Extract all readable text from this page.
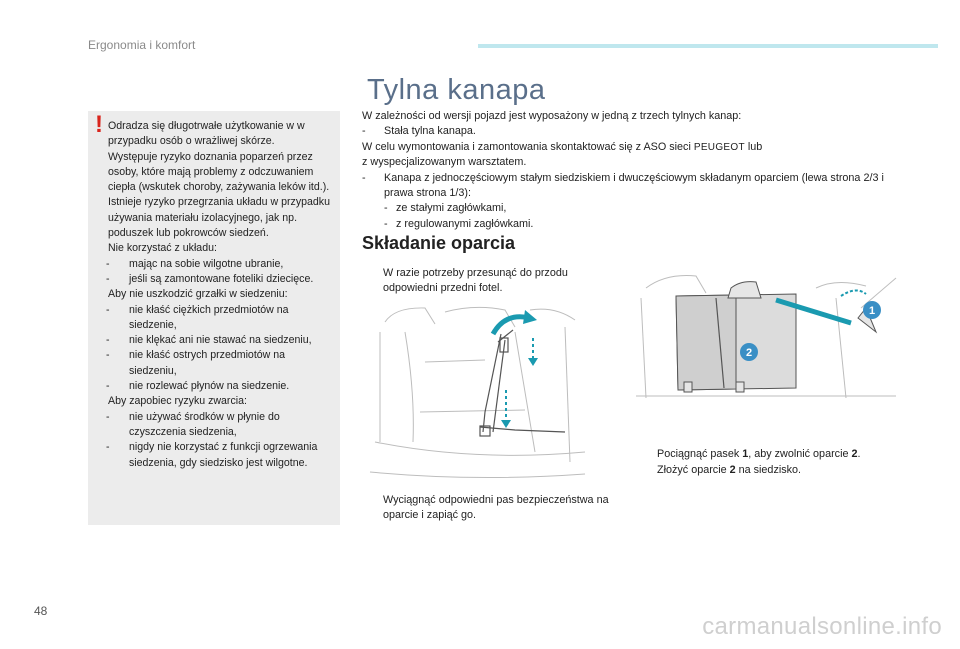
Ergonomia i komfort

Odradza się długotrwałe użytkowanie w w przypadku osób o wrażliwej skórze.

Występuje ryzyko doznania poparzeń przez osoby, które mają problemy z odczuwaniem ciepła (wskutek choroby, zażywania leków itd.).

Istnieje ryzyko przegrzania układu w przypadku używania materiału izolacyjnego, jak np. poduszek lub pokrowców siedzeń.

Nie korzystać z układu:

-	mając na sobie wilgotne ubranie,
-	jeśli są zamontowane foteliki dziecięce.

Aby nie uszkodzić grzałki w siedzeniu:

-	nie kłaść ciężkich przedmiotów na siedzenie,
-	nie klękać ani nie stawać na siedzeniu,
-	nie kłaść ostrych przedmiotów na siedzeniu,
-	nie rozlewać płynów na siedzenie.

Aby zapobiec ryzyku zwarcia:

-	nie używać środków w płynie do czyszczenia siedzenia,
-	nigdy nie korzystać z funkcji ogrzewania siedzenia, gdy siedzisko jest wilgotne.
!
Tylna kanapa

W zależności od wersji pojazd jest wyposażony w jedną z trzech tylnych kanap:

-	Stała tylna kanapa.

W celu wymontowania i zamontowania skontaktować się z ASO sieci PEUGEOT lub

z wyspecjalizowanym warsztatem.

-	Kanapa z jednoczęściowym stałym siedziskiem i dwuczęściowym składanym oparciem (lewa strona 2/3 i prawa strona 1/3):
- ze stałymi zagłówkami,
- z regulowanymi zagłówkami.
Składanie oparcia
W razie potrzeby przesunąć do przodu odpowiedni przedni fotel.
Wyciągnąć odpowiedni pas bezpieczeństwa na oparcie i zapiąć go.
Pociągnąć pasek 1, aby zwolnić oparcie 2.
Złożyć oparcie 2 na siedzisko.
1
2
48
carmanualsonline.info
